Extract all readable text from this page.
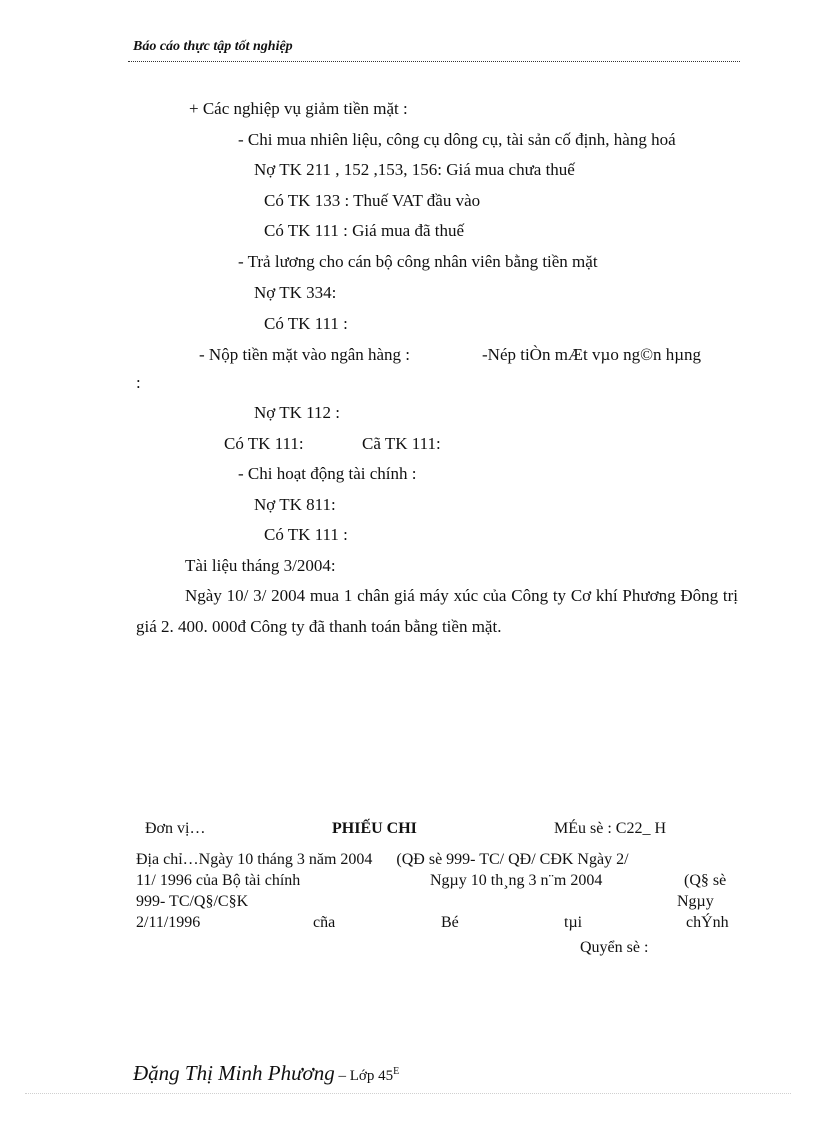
Báo cáo thực tập tốt nghiệp
+ Các nghiệp vụ giảm tiền mặt :
- Chi mua nhiên liệu, công cụ dông cụ, tài sản cố định, hàng hoá
Nợ TK 211 , 152 ,153, 156: Giá mua chưa thuế
Có TK 133 : Thuế VAT đầu vào
Có TK 111 : Giá mua đã thuế
- Trả lương cho cán bộ công nhân viên bằng tiền mặt
Nợ TK 334:
Có TK 111 :
- Nộp tiền mặt vào ngân hàng :	-Nép tiÒn mÆt vµo ng©n hµng
:
Nợ TK 112 :
Có TK 111:	Cã TK 111:
- Chi hoạt động tài chính :
Nợ TK 811:
Có TK 111 :
Tài liệu tháng 3/2004:
Ngày 10/ 3/ 2004 mua 1 chân giá máy xúc của Công ty Cơ khí Phương Đông trị giá 2. 400. 000đ Công ty đã thanh toán bằng tiền mặt.
Đơn vị…	PHIẾU CHI	MÉu sè : C22_ H
Địa chỉ…Ngày 10 tháng 3 năm 2004      (QĐ sè 999- TC/ QĐ/ CĐK Ngày 2/
11/ 1996 của Bộ tài chính	Ngµy 10 th¸ng 3 n¨m 2004	(Q§ sè
999- TC/Q§/C§K	Ngµy
2/11/1996	cña	Bé	tµi	chÝnh
Quyển sè :
Đặng Thị Minh Phương – Lớp $45^E$
